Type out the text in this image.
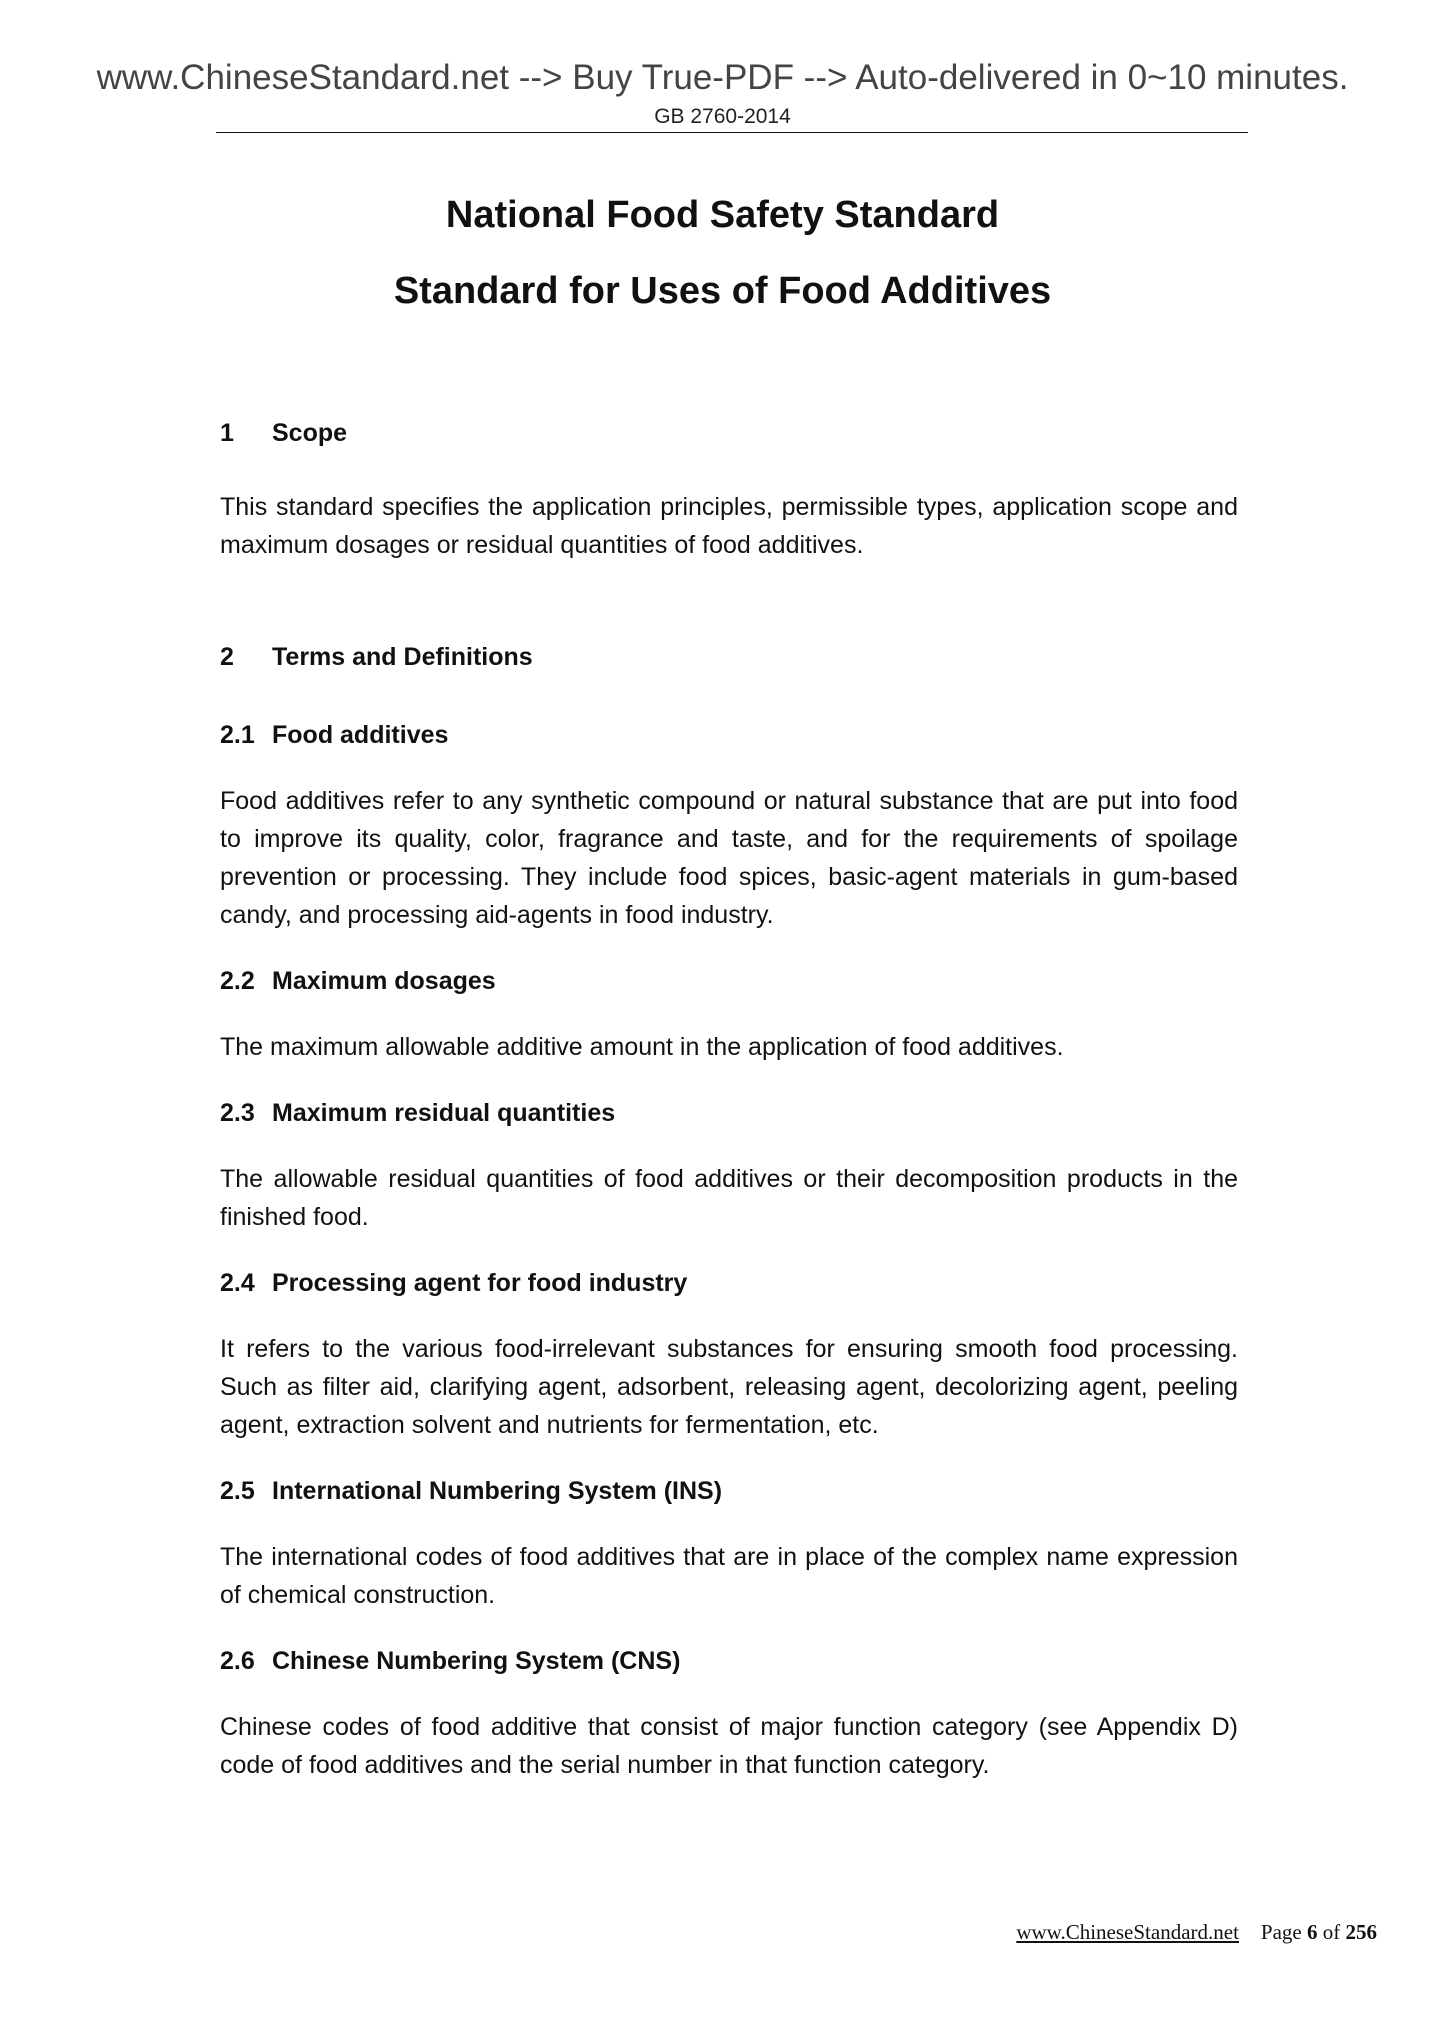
www.ChineseStandard.net --> Buy True-PDF --> Auto-delivered in 0~10 minutes.
GB 2760-2014
National Food Safety Standard
Standard for Uses of Food Additives

1 Scope

This standard specifies the application principles, permissible types, application scope and maximum dosages or residual quantities of food additives.

2 Terms and Definitions

2.1 Food additives

Food additives refer to any synthetic compound or natural substance that are put into food to improve its quality, color, fragrance and taste, and for the requirements of spoilage prevention or processing. They include food spices, basic-agent materials in gum-based candy, and processing aid-agents in food industry.

2.2 Maximum dosages

The maximum allowable additive amount in the application of food additives.

2.3 Maximum residual quantities

The allowable residual quantities of food additives or their decomposition products in the finished food.

2.4 Processing agent for food industry

It refers to the various food-irrelevant substances for ensuring smooth food processing. Such as filter aid, clarifying agent, adsorbent, releasing agent, decolorizing agent, peeling agent, extraction solvent and nutrients for fermentation, etc.

2.5 International Numbering System (INS)

The international codes of food additives that are in place of the complex name expression of chemical construction.

2.6 Chinese Numbering System (CNS)

Chinese codes of food additive that consist of major function category (see Appendix D) code of food additives and the serial number in that function category.

www.ChineseStandard.net Page 6 of 256
